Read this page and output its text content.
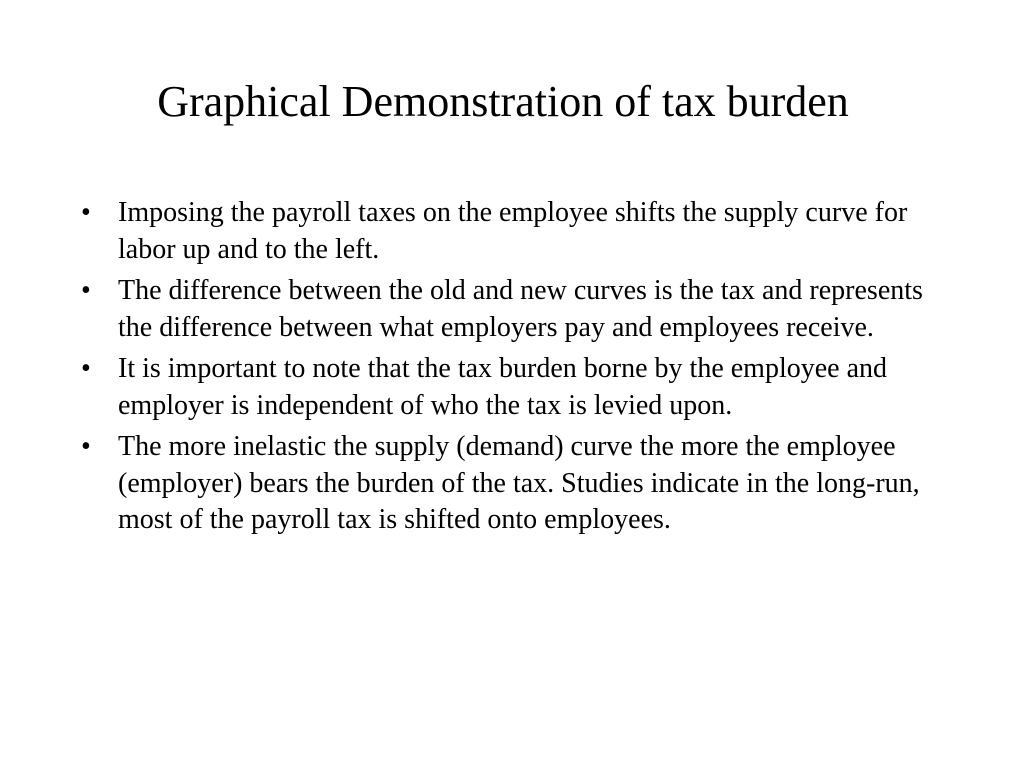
Graphical Demonstration of tax burden
• Imposing the payroll taxes on the employee shifts the supply curve for labor up and to the left.
• The difference between the old and new curves is the tax and represents the difference between what employers pay and employees receive.
• It is important to note that the tax burden borne by the employee and employer is independent of who the tax is levied upon.
• The more inelastic the supply (demand) curve the more the employee (employer) bears the burden of the tax. Studies indicate in the long-run, most of the payroll tax is shifted onto employees.
